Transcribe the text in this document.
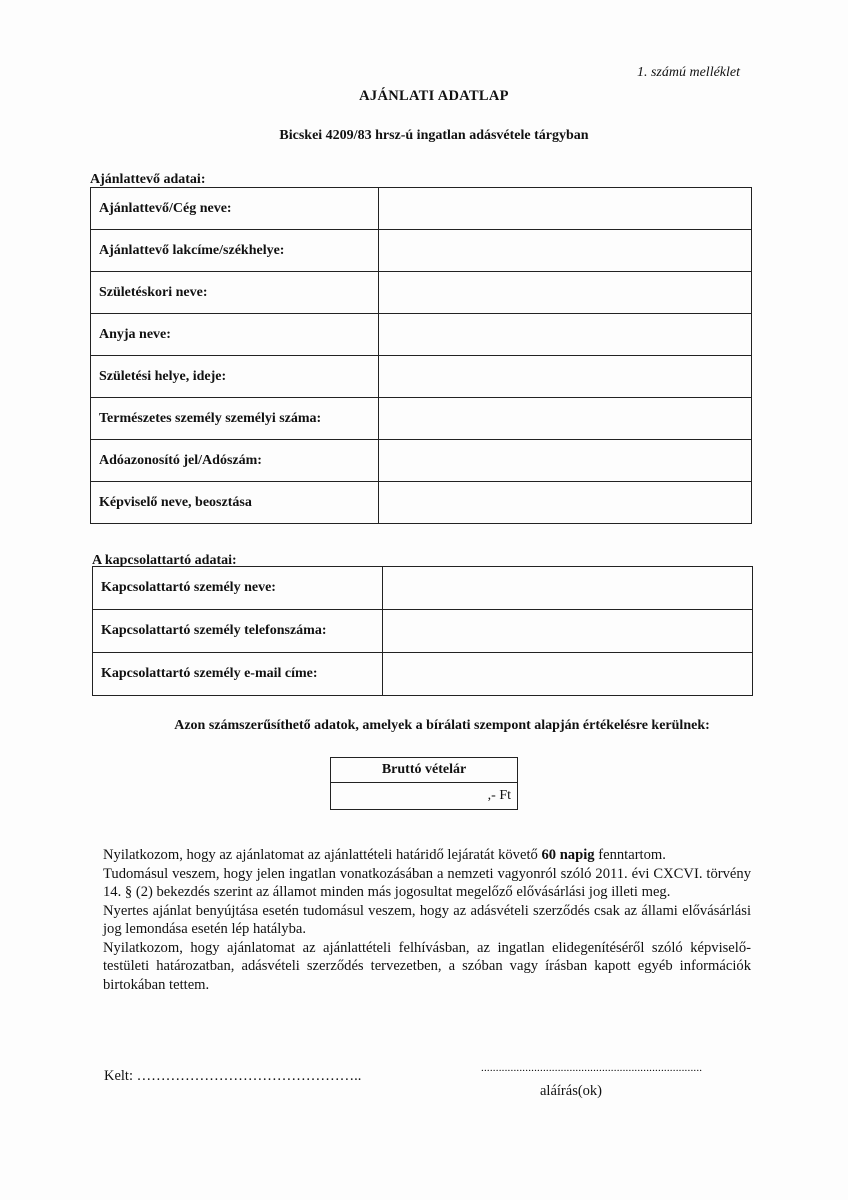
1. számú melléklet
AJÁNLATI ADATLAP
Bicskei 4209/83 hrsz-ú ingatlan adásvétele tárgyban
Ajánlattevő adatai:
Ajánlattevő/Cég neve:	
Ajánlattevő lakcíme/székhelye:	
Születéskori neve:	
Anyja neve:	
Születési helye, ideje:	
Természetes személy személyi száma:	
Adóazonosító jel/Adószám:	
Képviselő neve, beosztása	
A kapcsolattartó adatai:
Kapcsolattartó személy neve:	
Kapcsolattartó személy telefonszáma:	
Kapcsolattartó személy e-mail címe:	
Azon számszerűsíthető adatok, amelyek a bírálati szempont alapján értékelésre kerülnek:
Bruttó vételár
,- Ft

Nyilatkozom, hogy az ajánlatomat az ajánlattételi határidő lejáratát követő 60 napig fenntartom.

Tudomásul veszem, hogy jelen ingatlan vonatkozásában a nemzeti vagyonról szóló 2011. évi CXCVI. törvény 14. § (2) bekezdés szerint az államot minden más jogosultat megelőző elővásárlási jog illeti meg.

Nyertes ajánlat benyújtása esetén tudomásul veszem, hogy az adásvételi szerződés csak az állami elővásárlási jog lemondása esetén lép hatályba.

Nyilatkozom, hogy ajánlatomat az ajánlattételi felhívásban, az ingatlan elidegenítéséről szóló képviselő-testületi határozatban, adásvételi szerződés tervezetben, a szóban vagy írásban kapott egyéb információk birtokában tettem.

Kelt: ………………………………………..	...........................................................................
aláírás(ok)
